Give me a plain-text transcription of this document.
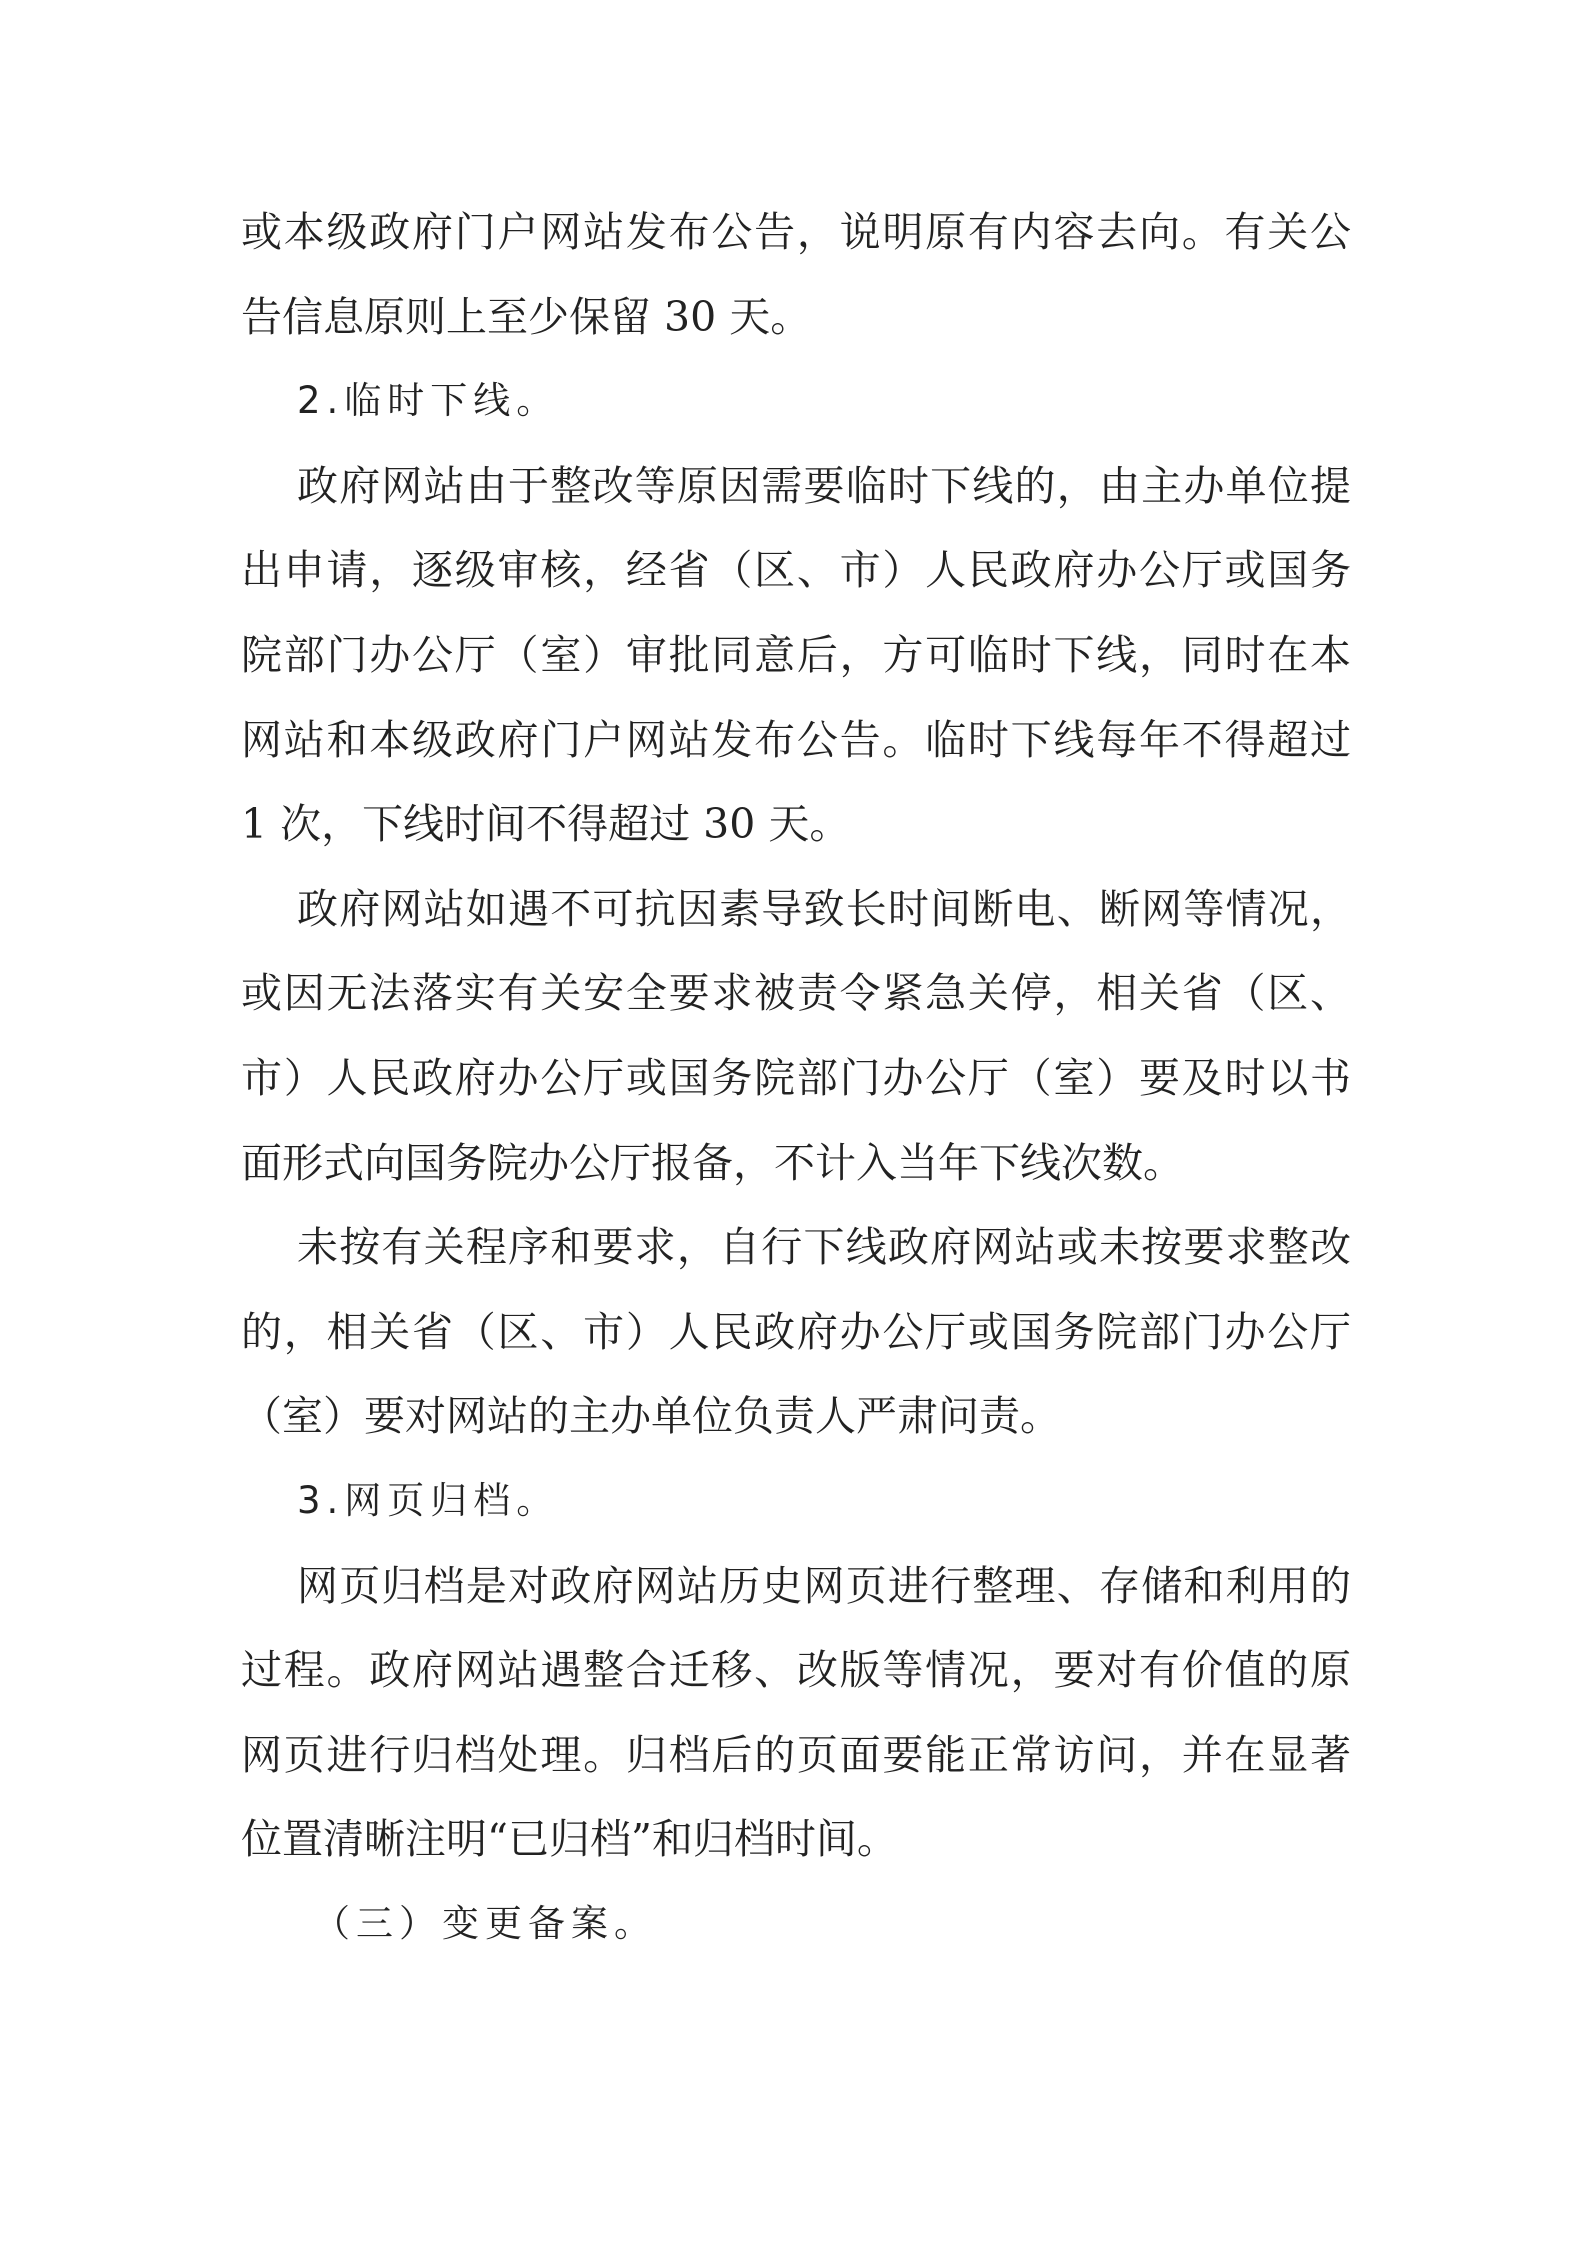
或本级政府门户网站发布公告，说明原有内容去向。有关公
告信息原则上至少保留 30 天。
2.临时下线。
政府网站由于整改等原因需要临时下线的，由主办单位提
出申请，逐级审核，经省（区、市）人民政府办公厅或国务
院部门办公厅（室）审批同意后，方可临时下线，同时在本
网站和本级政府门户网站发布公告。临时下线每年不得超过
1 次，下线时间不得超过 30 天。
政府网站如遇不可抗因素导致长时间断电、断网等情况，
或因无法落实有关安全要求被责令紧急关停，相关省（区、
市）人民政府办公厅或国务院部门办公厅（室）要及时以书
面形式向国务院办公厅报备，不计入当年下线次数。
未按有关程序和要求，自行下线政府网站或未按要求整改
的，相关省（区、市）人民政府办公厅或国务院部门办公厅
（室）要对网站的主办单位负责人严肃问责。
3.网页归档。
网页归档是对政府网站历史网页进行整理、存储和利用的
过程。政府网站遇整合迁移、改版等情况，要对有价值的原
网页进行归档处理。归档后的页面要能正常访问，并在显著
位置清晰注明“已归档”和归档时间。
（三）变更备案。
